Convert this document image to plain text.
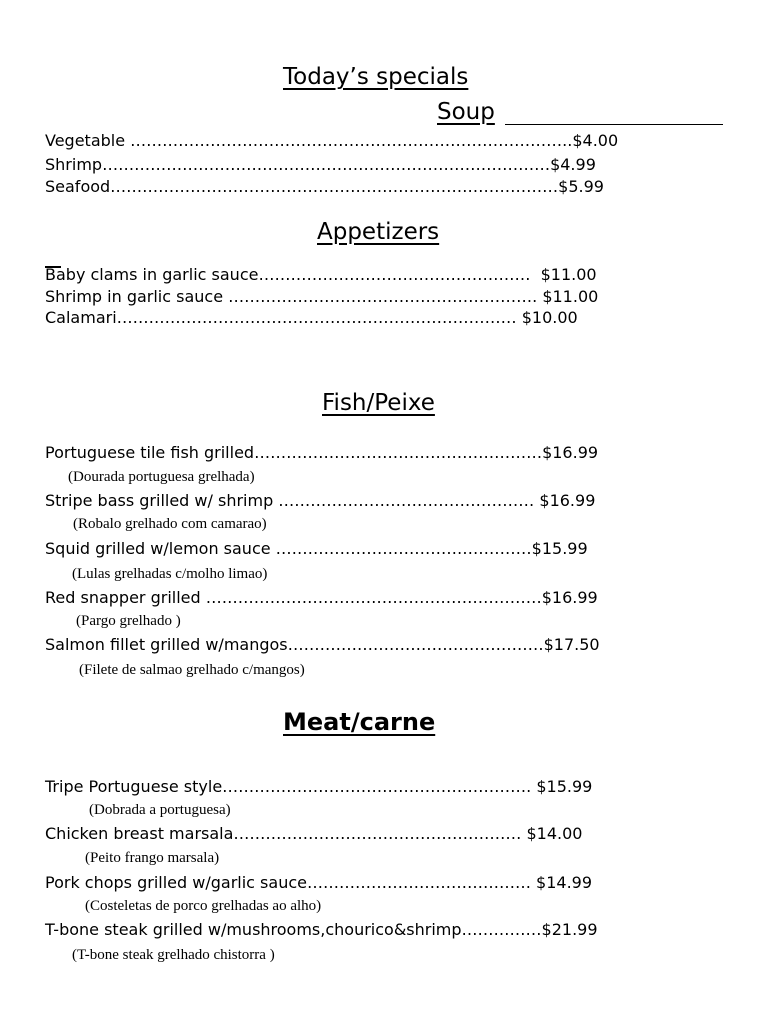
Today’s specials
Soup
Vegetable ………………………………………………………………………..$4.00
Shrimp…………………………………………………………………………$4.99
Seafood…………………………………………………………………………$5.99
Appetizers
Baby clams in garlic sauce……………………………………………  $11.00
Shrimp in garlic sauce …………………………………………………. $11.00
Calamari………………………………………………………………… $10.00
Fish/Peixe
Portuguese tile fish grilled………………………………………………$16.99
(Dourada portuguesa grelhada)
Stripe bass grilled w/ shrimp ………………………………………… $16.99
(Robalo grelhado com camarao)
Squid grilled w/lemon sauce …………………………………………$15.99
(Lulas grelhadas c/molho limao)
Red snapper grilled ………………………………………………………$16.99
(Pargo grelhado )
Salmon fillet grilled w/mangos…………………………………………$17.50
(Filete de salmao grelhado c/mangos)
Meat/carne
Tripe Portuguese style…………………………………………………. $15.99
(Dobrada a portuguesa)
Chicken breast marsala……………………………………………… $14.00
(Peito frango marsala)
Pork chops grilled w/garlic sauce…………………………………… $14.99
(Costeletas de porco grelhadas ao alho)
T-bone steak grilled w/mushrooms,chourico&shrimp……………$21.99
(T-bone steak grelhado chistorra )
